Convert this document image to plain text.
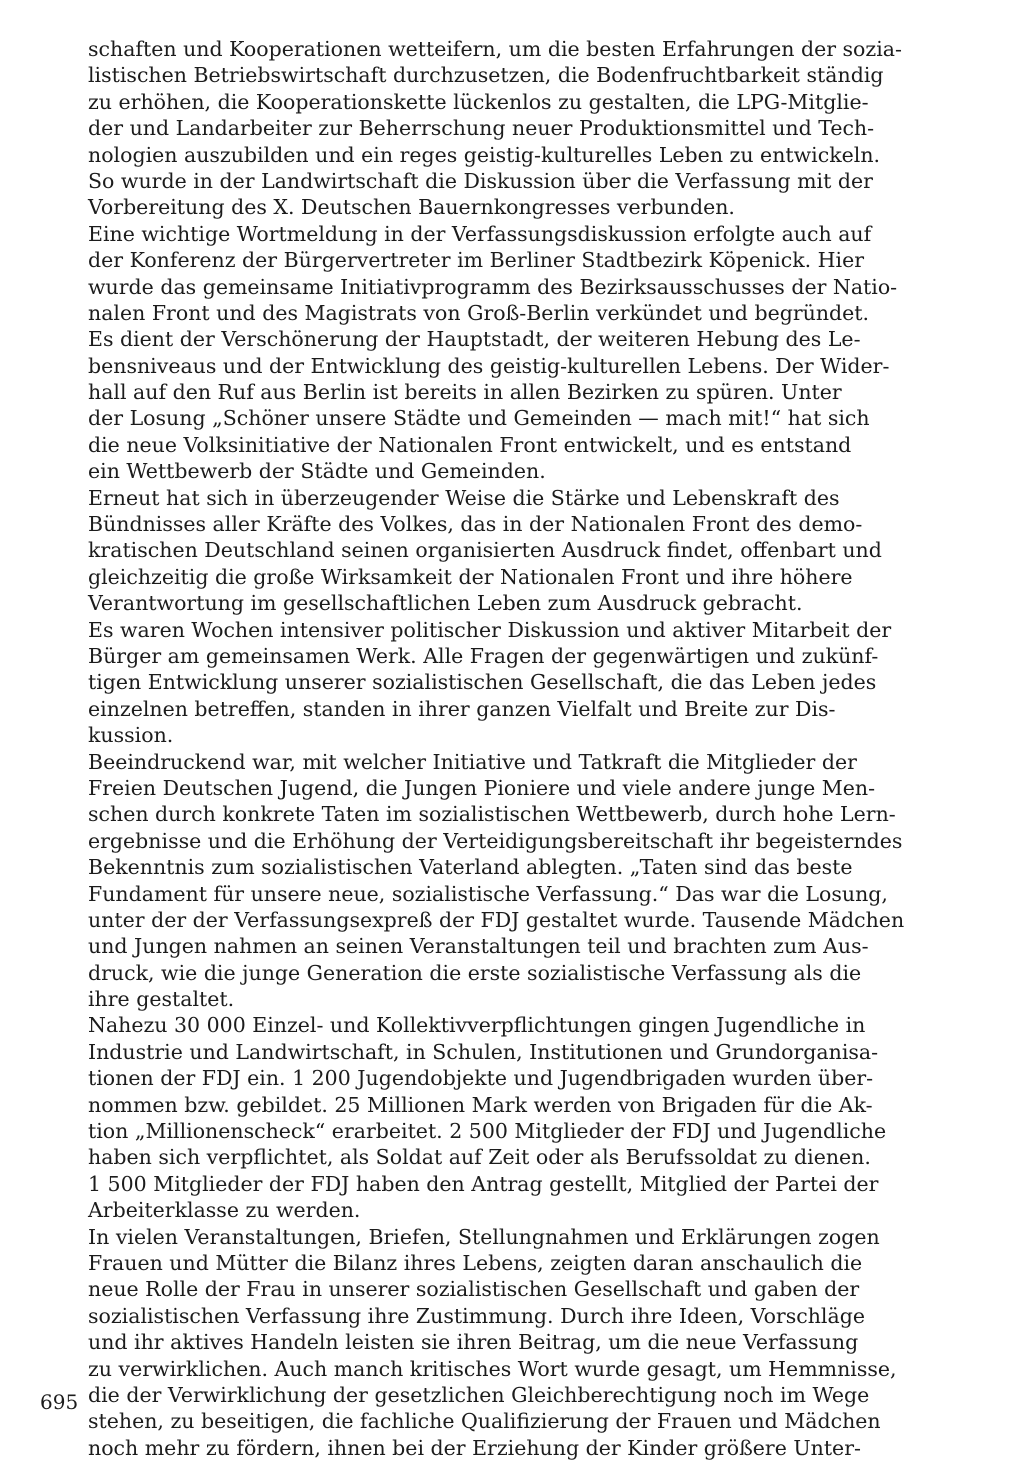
schaften und Kooperationen wetteifern, um die besten Erfahrungen der sozia-
listischen Betriebswirtschaft durchzusetzen, die Bodenfruchtbarkeit ständig
zu erhöhen, die Kooperationskette lückenlos zu gestalten, die LPG-Mitglie-
der und Landarbeiter zur Beherrschung neuer Produktionsmittel und Tech-
nologien auszubilden und ein reges geistig-kulturelles Leben zu entwickeln.
So wurde in der Landwirtschaft die Diskussion über die Verfassung mit der
Vorbereitung des X. Deutschen Bauernkongresses verbunden.
Eine wichtige Wortmeldung in der Verfassungsdiskussion erfolgte auch auf
der Konferenz der Bürgervertreter im Berliner Stadtbezirk Köpenick. Hier
wurde das gemeinsame Initiativprogramm des Bezirksausschusses der Natio-
nalen Front und des Magistrats von Groß-Berlin verkündet und begründet.
Es dient der Verschönerung der Hauptstadt, der weiteren Hebung des Le-
bensniveaus und der Entwicklung des geistig-kulturellen Lebens. Der Wider-
hall auf den Ruf aus Berlin ist bereits in allen Bezirken zu spüren. Unter
der Losung „Schöner unsere Städte und Gemeinden — mach mit!“ hat sich
die neue Volksinitiative der Nationalen Front entwickelt, und es entstand
ein Wettbewerb der Städte und Gemeinden.
Erneut hat sich in überzeugender Weise die Stärke und Lebenskraft des
Bündnisses aller Kräfte des Volkes, das in der Nationalen Front des demo-
kratischen Deutschland seinen organisierten Ausdruck findet, offenbart und
gleichzeitig die große Wirksamkeit der Nationalen Front und ihre höhere
Verantwortung im gesellschaftlichen Leben zum Ausdruck gebracht.
Es waren Wochen intensiver politischer Diskussion und aktiver Mitarbeit der
Bürger am gemeinsamen Werk. Alle Fragen der gegenwärtigen und zukünf-
tigen Entwicklung unserer sozialistischen Gesellschaft, die das Leben jedes
einzelnen betreffen, standen in ihrer ganzen Vielfalt und Breite zur Dis-
kussion.
Beeindruckend war, mit welcher Initiative und Tatkraft die Mitglieder der
Freien Deutschen Jugend, die Jungen Pioniere und viele andere junge Men-
schen durch konkrete Taten im sozialistischen Wettbewerb, durch hohe Lern-
ergebnisse und die Erhöhung der Verteidigungsbereitschaft ihr begeisterndes
Bekenntnis zum sozialistischen Vaterland ablegten. „Taten sind das beste
Fundament für unsere neue, sozialistische Verfassung.“ Das war die Losung,
unter der der Verfassungsexpreß der FDJ gestaltet wurde. Tausende Mädchen
und Jungen nahmen an seinen Veranstaltungen teil und brachten zum Aus-
druck, wie die junge Generation die erste sozialistische Verfassung als die
ihre gestaltet.
Nahezu 30 000 Einzel- und Kollektivverpflichtungen gingen Jugendliche in
Industrie und Landwirtschaft, in Schulen, Institutionen und Grundorganisa-
tionen der FDJ ein. 1 200 Jugendobjekte und Jugendbrigaden wurden über-
nommen bzw. gebildet. 25 Millionen Mark werden von Brigaden für die Ak-
tion „Millionenscheck“ erarbeitet. 2 500 Mitglieder der FDJ und Jugendliche
haben sich verpflichtet, als Soldat auf Zeit oder als Berufssoldat zu dienen.
1 500 Mitglieder der FDJ haben den Antrag gestellt, Mitglied der Partei der
Arbeiterklasse zu werden.
In vielen Veranstaltungen, Briefen, Stellungnahmen und Erklärungen zogen
Frauen und Mütter die Bilanz ihres Lebens, zeigten daran anschaulich die
neue Rolle der Frau in unserer sozialistischen Gesellschaft und gaben der
sozialistischen Verfassung ihre Zustimmung. Durch ihre Ideen, Vorschläge
und ihr aktives Handeln leisten sie ihren Beitrag, um die neue Verfassung
zu verwirklichen. Auch manch kritisches Wort wurde gesagt, um Hemmnisse,
die der Verwirklichung der gesetzlichen Gleichberechtigung noch im Wege
stehen, zu beseitigen, die fachliche Qualifizierung der Frauen und Mädchen
noch mehr zu fördern, ihnen bei der Erziehung der Kinder größere Unter-
695
